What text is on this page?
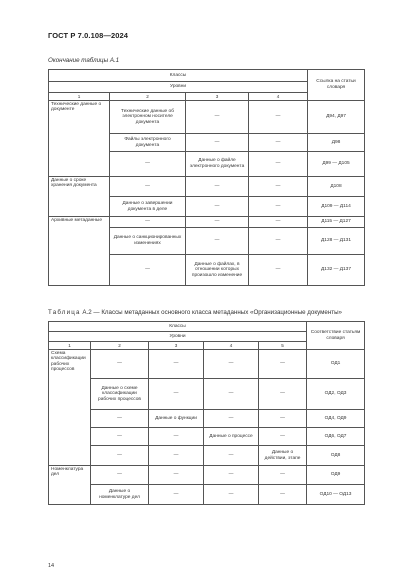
ГОСТ Р 7.0.108—2024
Окончание таблицы А.1
Классы				Ссылка на статьи словаря
Уровни				
1	2	3	4	
Технические данные о документе	Технические данные об электронном носителе документа	—	—	Д94, Д97
	Файлы электронного документа	—	—	Д98
	—	Данные о файле электронного документа	—	Д99 — Д105
Данные о сроке хранения документа	—	—	—	Д108
	Данные о завершении документа в деле	—	—	Д109 — Д114
Архивные метаданные	—	—	—	Д115 — Д127
	Данные о санкционированных изменениях	—	—	Д128 — Д131
	—	Данные о файлах, в отношении которых произошло изменение	—	Д132 — Д137
Таблица А.2 — Классы метаданных основного класса метаданных «Организационные документы»
Классы					Соответствие статьям словаря
Уровни					
1	2	3	4	5	
Схема классификации рабочих процессов	—	—	—	—	ОД1
	Данные о схеме классификации рабочих процессов	—	—	—	ОД2, ОД3
	—	Данные о функции	—	—	ОД4, ОД9
	—	—	Данные о процессе	—	ОД6, ОД7
	—	—	—	Данные о действии, этапе	ОД8
Номенклатура дел	—	—	—	—	ОД9
	Данные о номенклатуре дел	—	—	—	ОД10 — ОД13
14
